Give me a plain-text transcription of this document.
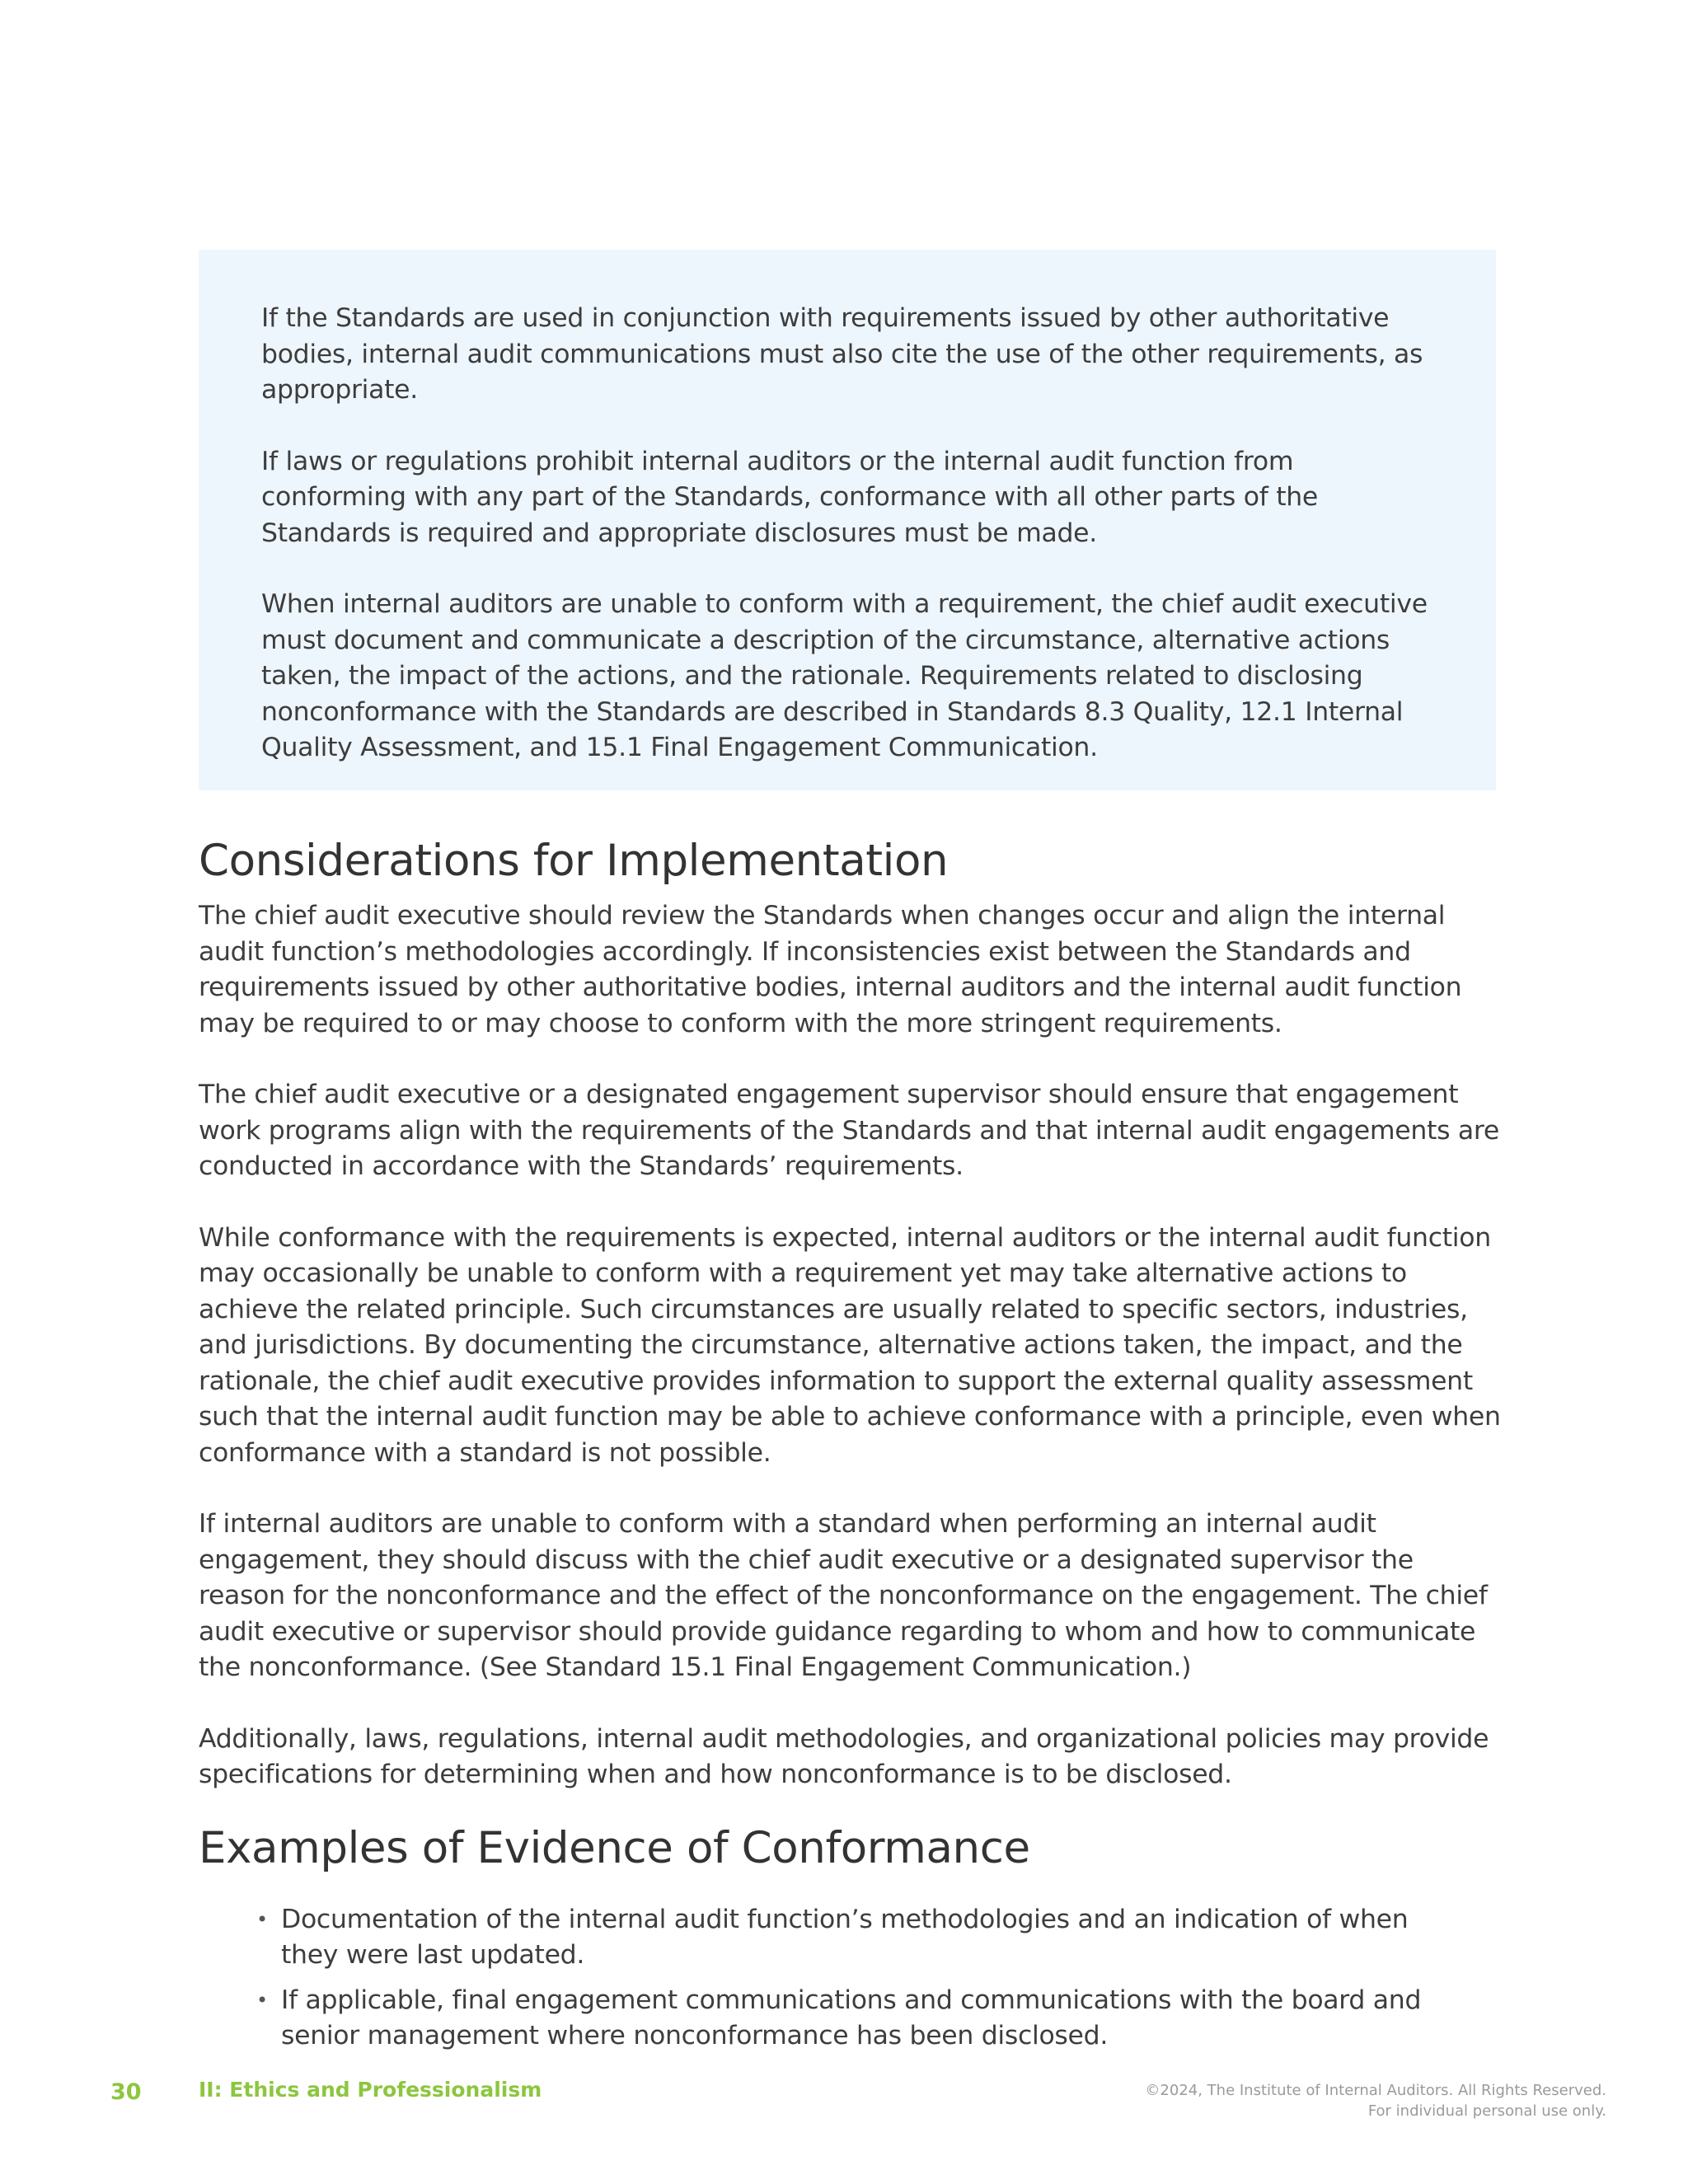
If the Standards are used in conjunction with requirements issued by other authoritative bodies, internal audit communications must also cite the use of the other requirements, as appropriate.

If laws or regulations prohibit internal auditors or the internal audit function from conforming with any part of the Standards, conformance with all other parts of the Standards is required and appropriate disclosures must be made.

When internal auditors are unable to conform with a requirement, the chief audit executive must document and communicate a description of the circumstance, alternative actions taken, the impact of the actions, and the rationale. Requirements related to disclosing nonconformance with the Standards are described in Standards 8.3 Quality, 12.1 Internal Quality Assessment, and 15.1 Final Engagement Communication.

Considerations for Implementation

The chief audit executive should review the Standards when changes occur and align the internal audit function’s methodologies accordingly. If inconsistencies exist between the Standards and requirements issued by other authoritative bodies, internal auditors and the internal audit function may be required to or may choose to conform with the more stringent requirements.

The chief audit executive or a designated engagement supervisor should ensure that engagement work programs align with the requirements of the Standards and that internal audit engagements are conducted in accordance with the Standards’ requirements.

While conformance with the requirements is expected, internal auditors or the internal audit function may occasionally be unable to conform with a requirement yet may take alternative actions to achieve the related principle. Such circumstances are usually related to specific sectors, industries, and jurisdictions. By documenting the circumstance, alternative actions taken, the impact, and the rationale, the chief audit executive provides information to support the external quality assessment such that the internal audit function may be able to achieve conformance with a principle, even when conformance with a standard is not possible.

If internal auditors are unable to conform with a standard when performing an internal audit engagement, they should discuss with the chief audit executive or a designated supervisor the reason for the nonconformance and the effect of the nonconformance on the engagement. The chief audit executive or supervisor should provide guidance regarding to whom and how to communicate the nonconformance. (See Standard 15.1 Final Engagement Communication.)

Additionally, laws, regulations, internal audit methodologies, and organizational policies may provide specifications for determining when and how nonconformance is to be disclosed.

Examples of Evidence of Conformance
• Documentation of the internal audit function’s methodologies and an indication of when they were last updated.
• If applicable, final engagement communications and communications with the board and senior management where nonconformance has been disclosed.
30	II: Ethics and Professionalism	©2024, The Institute of Internal Auditors. All Rights Reserved.
For individual personal use only.
